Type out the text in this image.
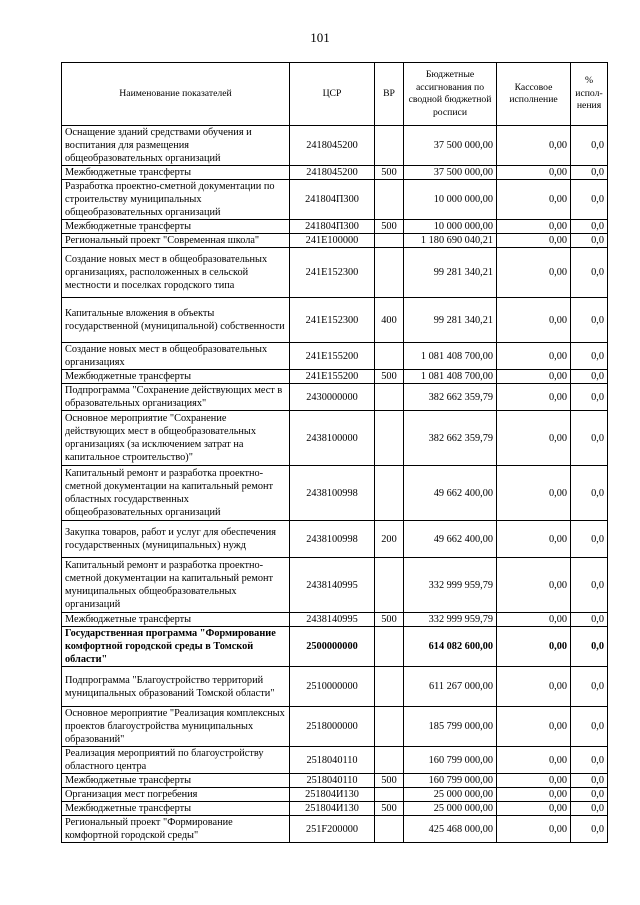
101
Наименование показателей	ЦСР	ВР	Бюджетные ассигнования по сводной бюджетной росписи	Кассовое исполнение	% испол-нения
Оснащение зданий средствами обучения и воспитания для размещения общеобразовательных организаций	2418045200		37 500 000,00	0,00	0,0
Межбюджетные трансферты	2418045200	500	37 500 000,00	0,00	0,0
Разработка проектно-сметной документации по строительству муниципальных общеобразовательных организаций	241804П300		10 000 000,00	0,00	0,0
Межбюджетные трансферты	241804П300	500	10 000 000,00	0,00	0,0
Региональный проект "Современная школа"	241E100000		1 180 690 040,21	0,00	0,0
Создание новых мест в общеобразовательных организациях, расположенных в сельской местности и поселках городского типа	241E152300		99 281 340,21	0,00	0,0
Капитальные вложения в объекты государственной (муниципальной) собственности	241E152300	400	99 281 340,21	0,00	0,0
Создание новых мест в общеобразовательных организациях	241E155200		1 081 408 700,00	0,00	0,0
Межбюджетные трансферты	241E155200	500	1 081 408 700,00	0,00	0,0
Подпрограмма "Сохранение действующих мест в образовательных организациях"	2430000000		382 662 359,79	0,00	0,0
Основное мероприятие "Сохранение действующих мест в общеобразовательных организациях (за исключением затрат на капитальное строительство)"	2438100000		382 662 359,79	0,00	0,0
Капитальный ремонт и разработка проектно-сметной документации на капитальный ремонт областных государственных общеобразовательных организаций	2438100998		49 662 400,00	0,00	0,0
Закупка товаров, работ и услуг для обеспечения государственных (муниципальных) нужд	2438100998	200	49 662 400,00	0,00	0,0
Капитальный ремонт и разработка проектно-сметной документации на капитальный ремонт муниципальных общеобразовательных организаций	2438140995		332 999 959,79	0,00	0,0
Межбюджетные трансферты	2438140995	500	332 999 959,79	0,00	0,0
Государственная программа "Формирование комфортной городской среды в Томской области"	2500000000		614 082 600,00	0,00	0,0
Подпрограмма "Благоустройство территорий муниципальных образований Томской области"	2510000000		611 267 000,00	0,00	0,0
Основное мероприятие "Реализация комплексных проектов благоустройства муниципальных образований"	2518000000		185 799 000,00	0,00	0,0
Реализация мероприятий по благоустройству областного центра	2518040110		160 799 000,00	0,00	0,0
Межбюджетные трансферты	2518040110	500	160 799 000,00	0,00	0,0
Организация мест погребения	251804И130		25 000 000,00	0,00	0,0
Межбюджетные трансферты	251804И130	500	25 000 000,00	0,00	0,0
Региональный проект "Формирование комфортной городской среды"	251F200000		425 468 000,00	0,00	0,0
